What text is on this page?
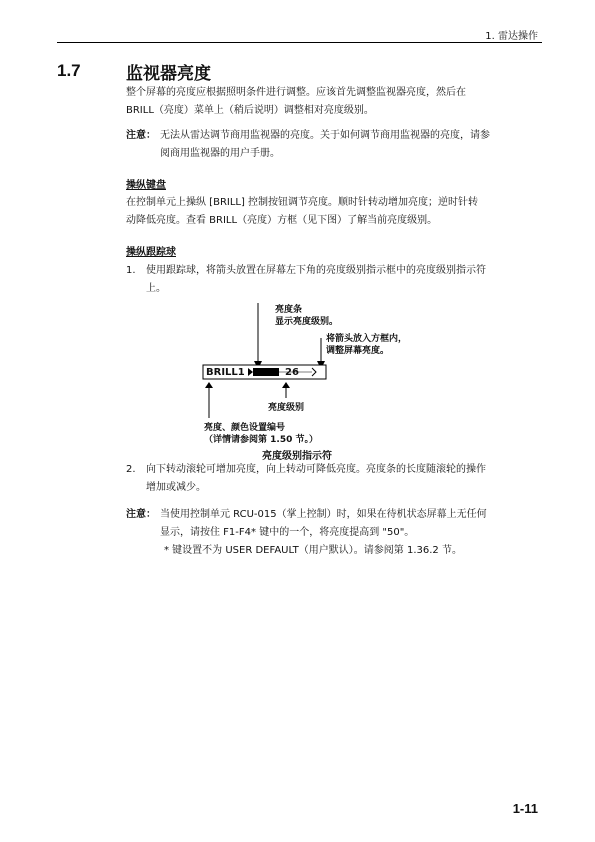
1. 雷达操作
1.7	监视器亮度
整个屏幕的亮度应根据照明条件进行调整。应该首先调整监视器亮度，然后在
BRILL（亮度）菜单上（稍后说明）调整相对亮度级别。
注意： 无法从雷达调节商用监视器的亮度。关于如何调节商用监视器的亮度，请参
阅商用监视器的用户手册。
操纵键盘
在控制单元上操纵 [BRILL] 控制按钮调节亮度。顺时针转动增加亮度；逆时针转
动降低亮度。查看 BRILL（亮度）方框（见下图）了解当前亮度级别。
操纵跟踪球
1. 使用跟踪球，将箭头放置在屏幕左下角的亮度级别指示框中的亮度级别指示符
上。
亮度条
显示亮度级别。
将箭头放入方框内，
调整屏幕亮度。
BRILL1	26
亮度级别
亮度、颜色设置编号
（详情请参阅第 1.50 节。）
亮度级别指示符
2. 向下转动滚轮可增加亮度，向上转动可降低亮度。亮度条的长度随滚轮的操作
增加或减少。
注意： 当使用控制单元 RCU-015（掌上控制）时，如果在待机状态屏幕上无任何
显示，请按住 F1-F4* 键中的一个，将亮度提高到 "50"。
* 键设置不为 USER DEFAULT（用户默认）。请参阅第 1.36.2 节。
1-11
